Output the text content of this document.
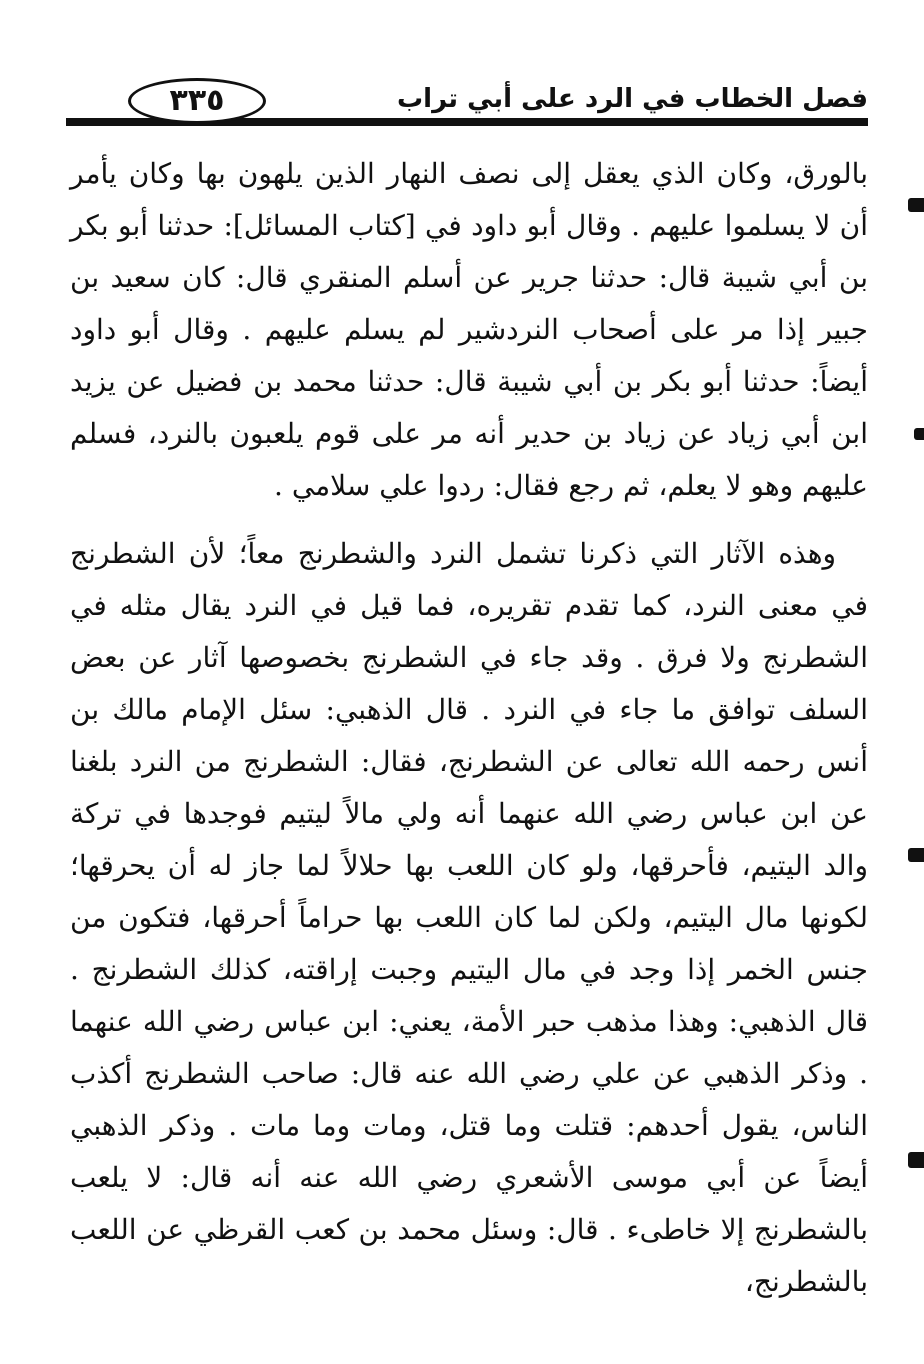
٣٣٥	فصل الخطاب في الرد على أبي تراب

بالورق، وكان الذي يعقل إلى نصف النهار الذين يلهون بها وكان يأمر أن لا يسلموا عليهم . وقال أبو داود في [كتاب المسائل]: حدثنا أبو بكر بن أبي شيبة قال: حدثنا جرير عن أسلم المنقري قال: كان سعيد بن جبير إذا مر على أصحاب النردشير لم يسلم عليهم . وقال أبو داود أيضاً: حدثنا أبو بكر بن أبي شيبة قال: حدثنا محمد بن فضيل عن يزيد ابن أبي زياد عن زياد بن حدير أنه مر على قوم يلعبون بالنرد، فسلم عليهم وهو لا يعلم، ثم رجع فقال: ردوا علي سلامي .

وهذه الآثار التي ذكرنا تشمل النرد والشطرنج معاً؛ لأن الشطرنج في معنى النرد، كما تقدم تقريره، فما قيل في النرد يقال مثله في الشطرنج ولا فرق . وقد جاء في الشطرنج بخصوصها آثار عن بعض السلف توافق ما جاء في النرد . قال الذهبي: سئل الإمام مالك بن أنس رحمه الله تعالى عن الشطرنج، فقال: الشطرنج من النرد بلغنا عن ابن عباس رضي الله عنهما أنه ولي مالاً ليتيم فوجدها في تركة والد اليتيم، فأحرقها، ولو كان اللعب بها حلالاً لما جاز له أن يحرقها؛ لكونها مال اليتيم، ولكن لما كان اللعب بها حراماً أحرقها، فتكون من جنس الخمر إذا وجد في مال اليتيم وجبت إراقته، كذلك الشطرنج . قال الذهبي: وهذا مذهب حبر الأمة، يعني: ابن عباس رضي الله عنهما . وذكر الذهبي عن علي رضي الله عنه قال: صاحب الشطرنج أكذب الناس، يقول أحدهم: قتلت وما قتل، ومات وما مات . وذكر الذهبي أيضاً عن أبي موسى الأشعري رضي الله عنه أنه قال: لا يلعب بالشطرنج إلا خاطىء . قال: وسئل محمد بن كعب القرظي عن اللعب بالشطرنج،
